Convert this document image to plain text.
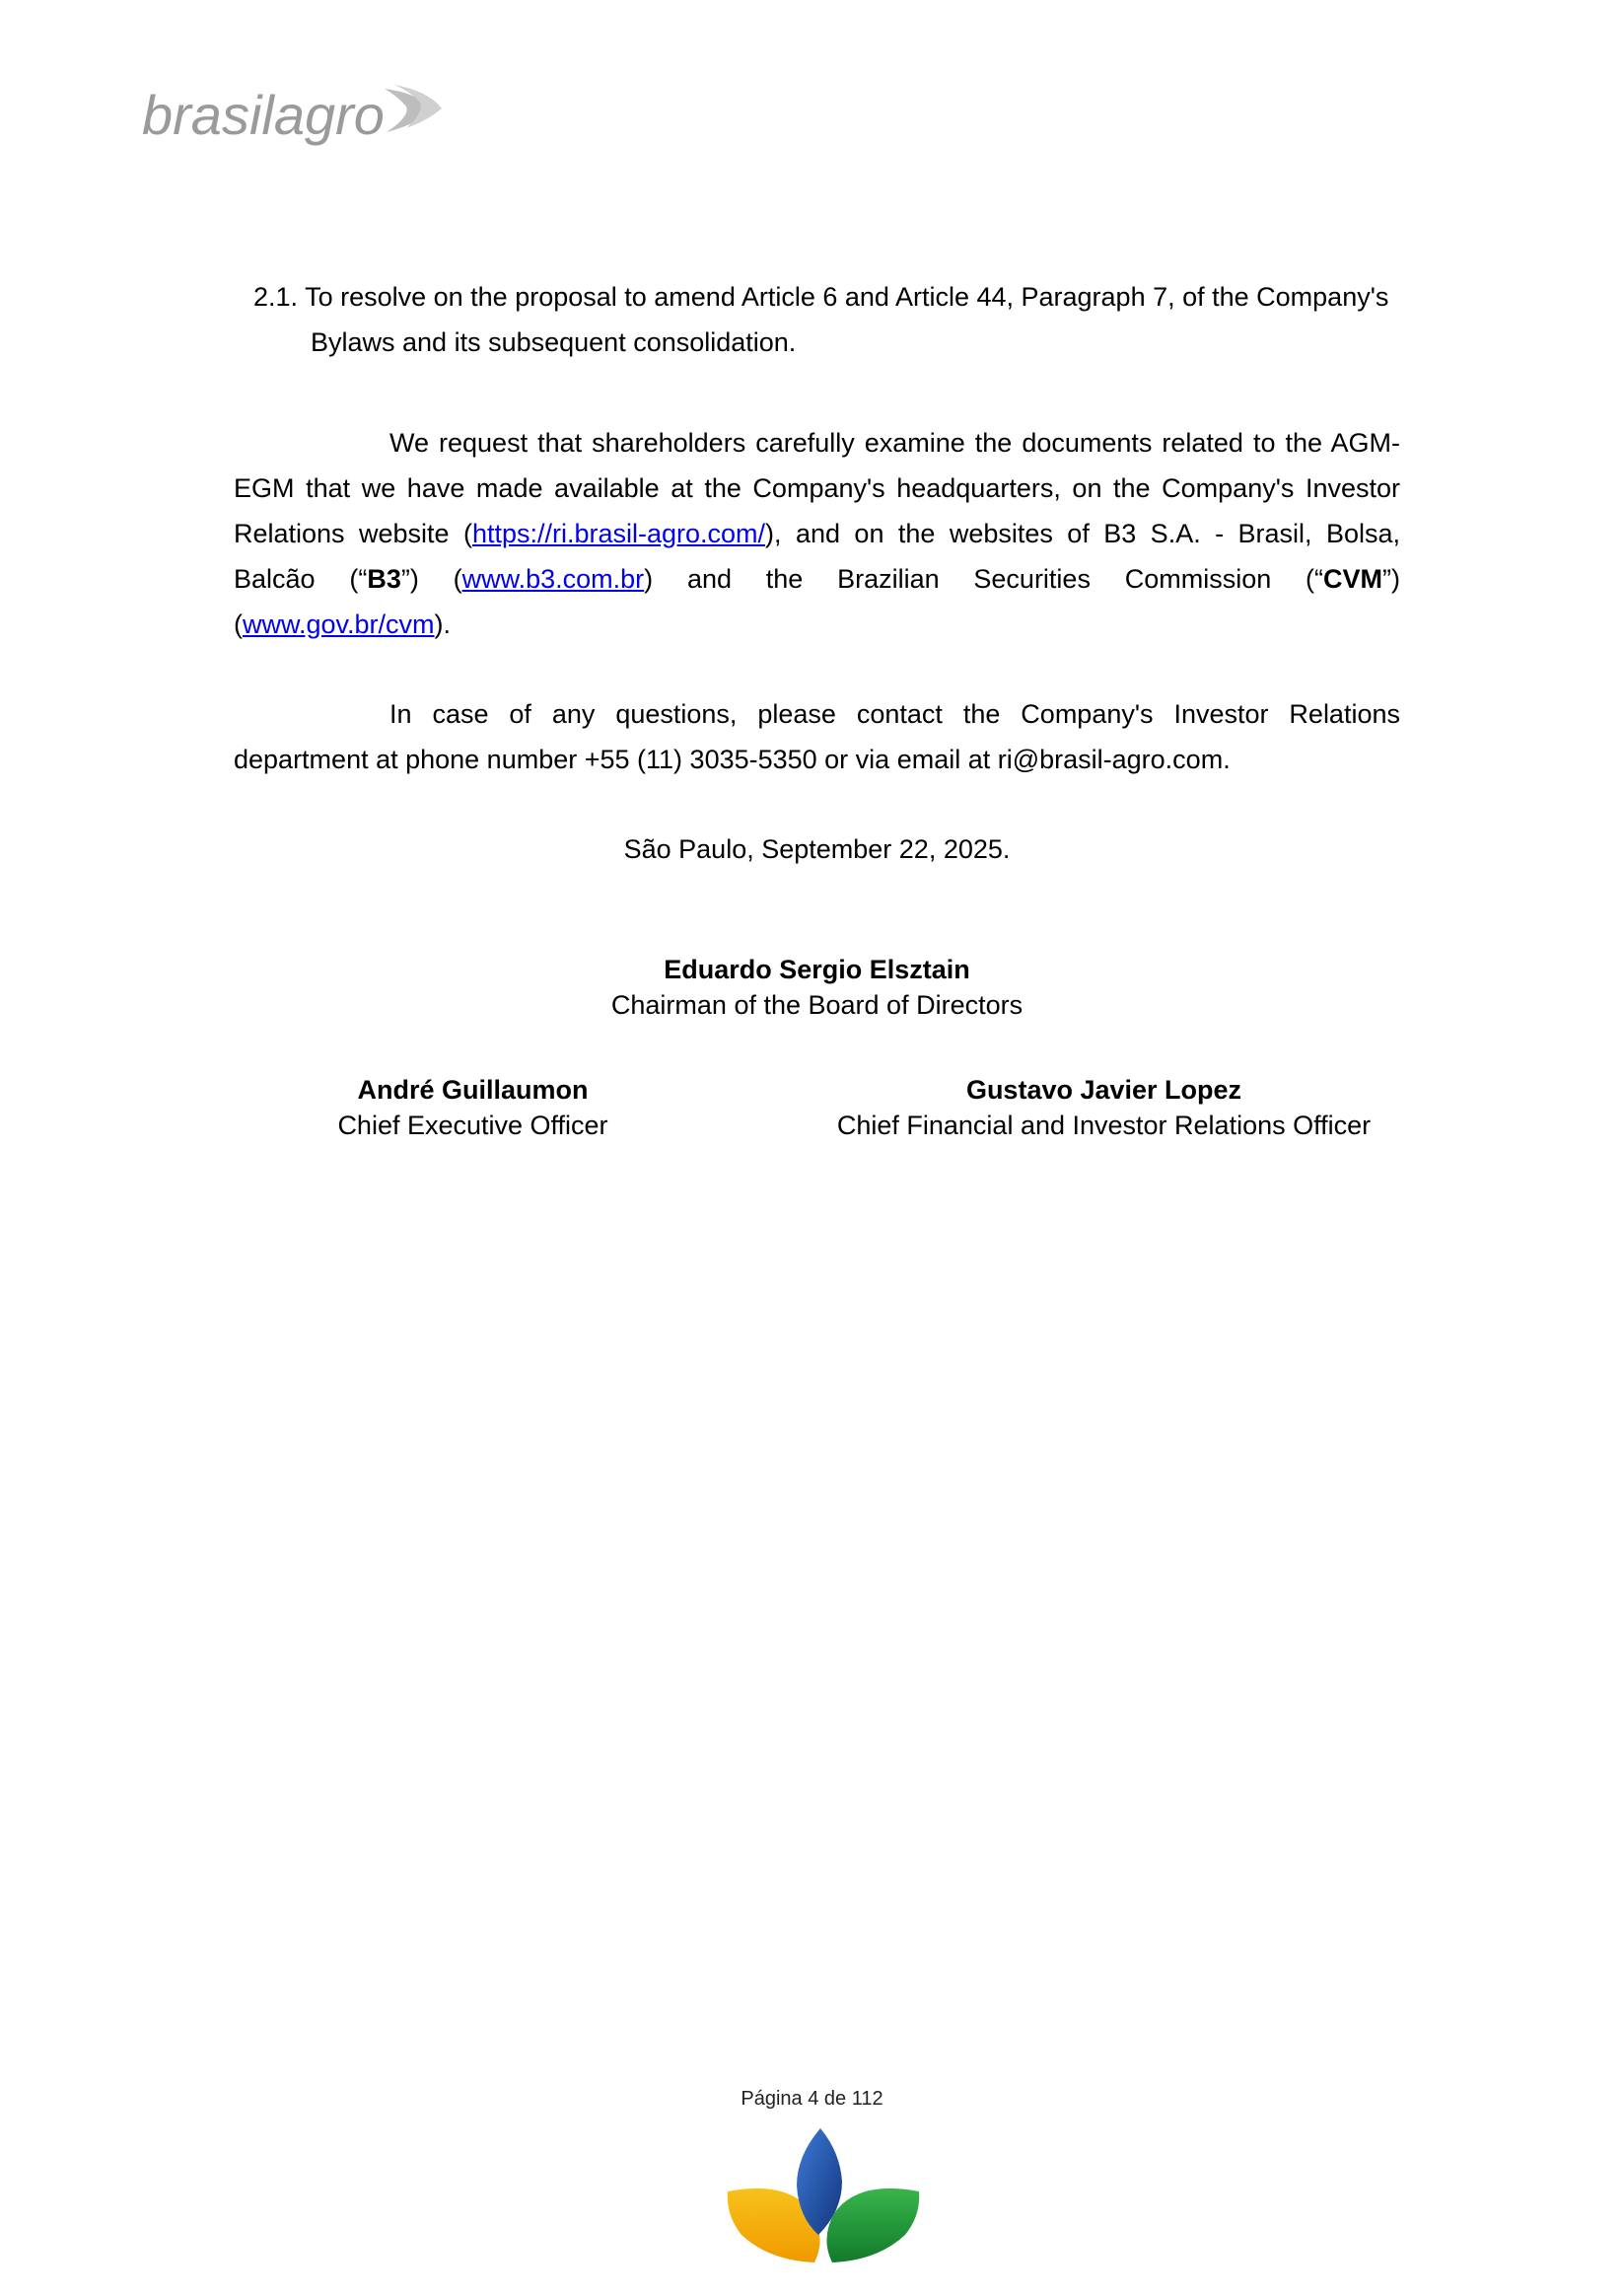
brasilagro

2.1. To resolve on the proposal to amend Article 6 and Article 44, Paragraph 7, of the Company's Bylaws and its subsequent consolidation.

We request that shareholders carefully examine the documents related to the AGM-EGM that we have made available at the Company's headquarters, on the Company's Investor Relations website (https://ri.brasil-agro.com/), and on the websites of B3 S.A. - Brasil, Bolsa, Balcão (“B3”) (www.b3.com.br) and the Brazilian Securities Commission (“CVM”) (www.gov.br/cvm).

In case of any questions, please contact the Company's Investor Relations department at phone number +55 (11) 3035-5350 or via email at ri@brasil-agro.com.

São Paulo, September 22, 2025.
Eduardo Sergio Elsztain
Chairman of the Board of Directors
André Guillaumon
Chief Executive Officer
Gustavo Javier Lopez
Chief Financial and Investor Relations Officer
Página 4 de 112
